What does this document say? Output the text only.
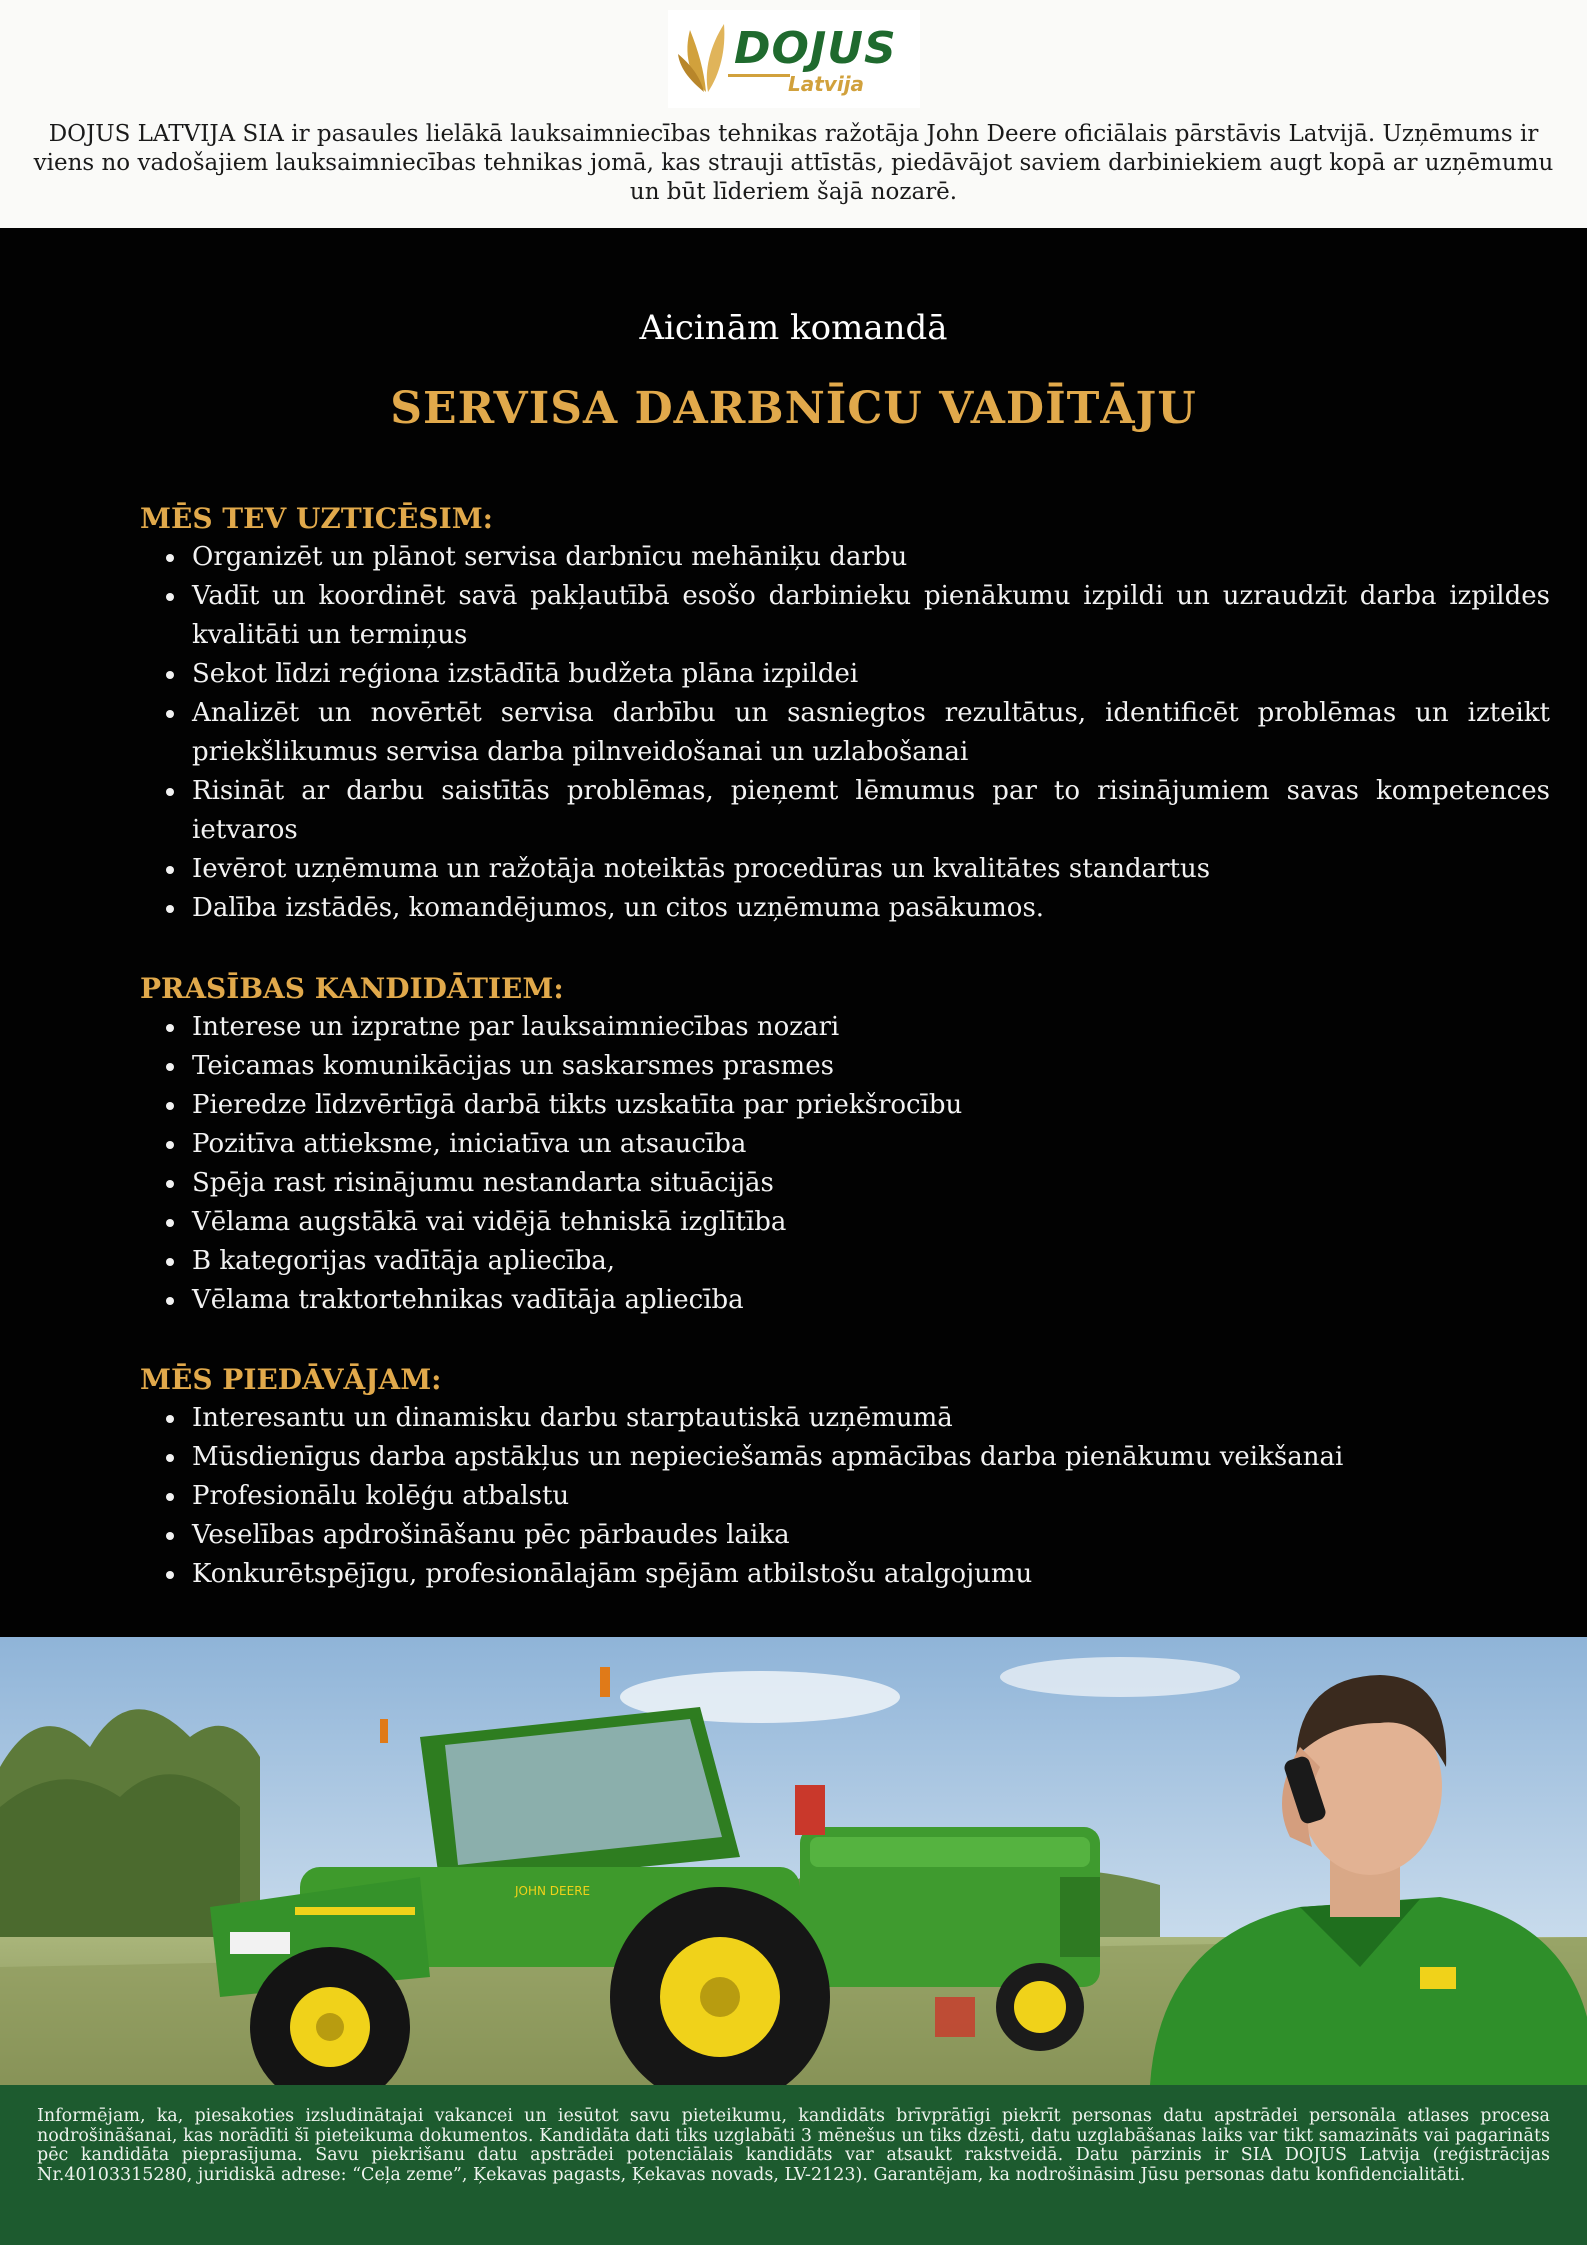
DOJUS
Latvija
DOJUS LATVIJA SIA ir pasaules lielākā lauksaimniecības tehnikas ražotāja John Deere oficiālais pārstāvis Latvijā. Uzņēmums ir viens no vadošajiem lauksaimniecības tehnikas jomā, kas strauji attīstās, piedāvājot saviem darbiniekiem augt kopā ar uzņēmumu un būt līderiem šajā nozarē.
Aicinām komandā
SERVISA DARBNĪCU VADĪTĀJU
MĒS TEV UZTICĒSIM:
Organizēt un plānot servisa darbnīcu mehāniķu darbu
Vadīt un koordinēt savā pakļautībā esošo darbinieku pienākumu izpildi un uzraudzīt darba izpildes kvalitāti un termiņus
Sekot līdzi reģiona izstādītā budžeta plāna izpildei
Analizēt un novērtēt servisa darbību un sasniegtos rezultātus, identificēt problēmas un izteikt priekšlikumus servisa darba pilnveidošanai un uzlabošanai
Risināt ar darbu saistītās problēmas, pieņemt lēmumus par to risinājumiem savas kompetences ietvaros
Ievērot uzņēmuma un ražotāja noteiktās procedūras un kvalitātes standartus
Dalība izstādēs, komandējumos, un citos uzņēmuma pasākumos.
PRASĪBAS KANDIDĀTIEM:
Interese un izpratne par lauksaimniecības nozari
Teicamas komunikācijas un saskarsmes prasmes
Pieredze līdzvērtīgā darbā tikts uzskatīta par priekšrocību
Pozitīva attieksme, iniciatīva un atsaucība
Spēja rast risinājumu nestandarta situācijās
Vēlama augstākā vai vidējā tehniskā izglītība
B kategorijas vadītāja apliecība,
Vēlama traktortehnikas vadītāja apliecība
MĒS PIEDĀVĀJAM:
Interesantu un dinamisku darbu starptautiskā uzņēmumā
Mūsdienīgus darba apstākļus un nepieciešamās apmācības darba pienākumu veikšanai
Profesionālu kolēģu atbalstu
Veselības apdrošināšanu pēc pārbaudes laika
Konkurētspējīgu, profesionālajām spējām atbilstošu atalgojumu
JOHN DEERE
Informējam, ka, piesakoties izsludinātajai vakancei un iesūtot savu pieteikumu, kandidāts brīvprātīgi piekrīt personas datu apstrādei personāla atlases procesa nodrošināšanai, kas norādīti šī pieteikuma dokumentos. Kandidāta dati tiks uzglabāti 3 mēnešus un tiks dzēsti, datu uzglabāšanas laiks var tikt samazināts vai pagarināts pēc kandidāta pieprasījuma. Savu piekrišanu datu apstrādei potenciālais kandidāts var atsaukt rakstveidā. Datu pārzinis ir SIA DOJUS Latvija (reģistrācijas Nr.40103315280, juridiskā adrese: “Ceļa zeme”, Ķekavas pagasts, Ķekavas novads, LV-2123). Garantējam, ka nodrošināsim Jūsu personas datu konfidencialitāti.
